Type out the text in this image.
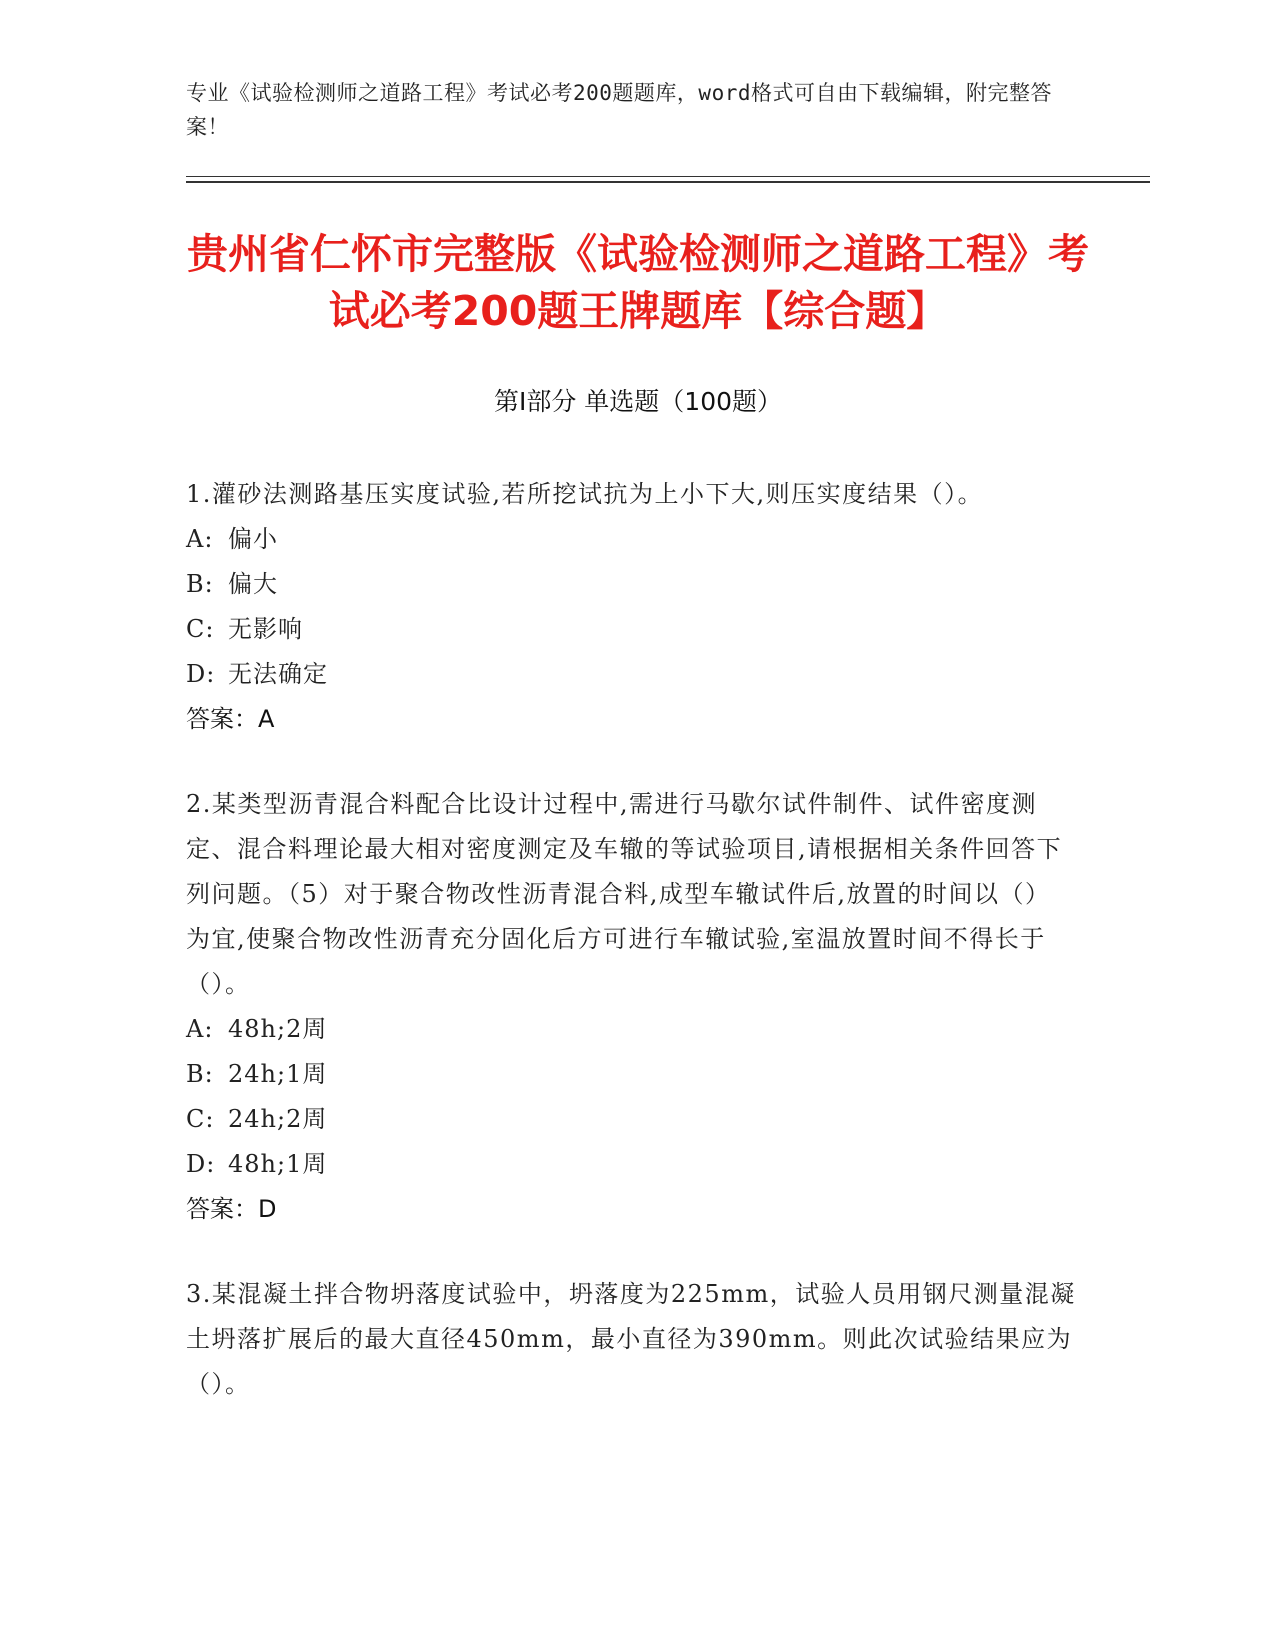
专业《试验检测师之道路工程》考试必考200题题库，word格式可自由下载编辑，附完整答案！
贵州省仁怀市完整版《试验检测师之道路工程》考试必考200题王牌题库【综合题】
第Ⅰ部分 单选题（100题）
1.灌砂法测路基压实度试验,若所挖试抗为上小下大,则压实度结果（）。
A: 偏小
B: 偏大
C: 无影响
D: 无法确定
答案：A
2.某类型沥青混合料配合比设计过程中,需进行马歇尔试件制件、试件密度测定、混合料理论最大相对密度测定及车辙的等试验项目,请根据相关条件回答下列问题。（5）对于聚合物改性沥青混合料,成型车辙试件后,放置的时间以（）为宜,使聚合物改性沥青充分固化后方可进行车辙试验,室温放置时间不得长于（）。
A: 48h;2周
B: 24h;1周
C: 24h;2周
D: 48h;1周
答案：D
3.某混凝土拌合物坍落度试验中，坍落度为225mm，试验人员用钢尺测量混凝土坍落扩展后的最大直径450mm，最小直径为390mm。则此次试验结果应为（）。
